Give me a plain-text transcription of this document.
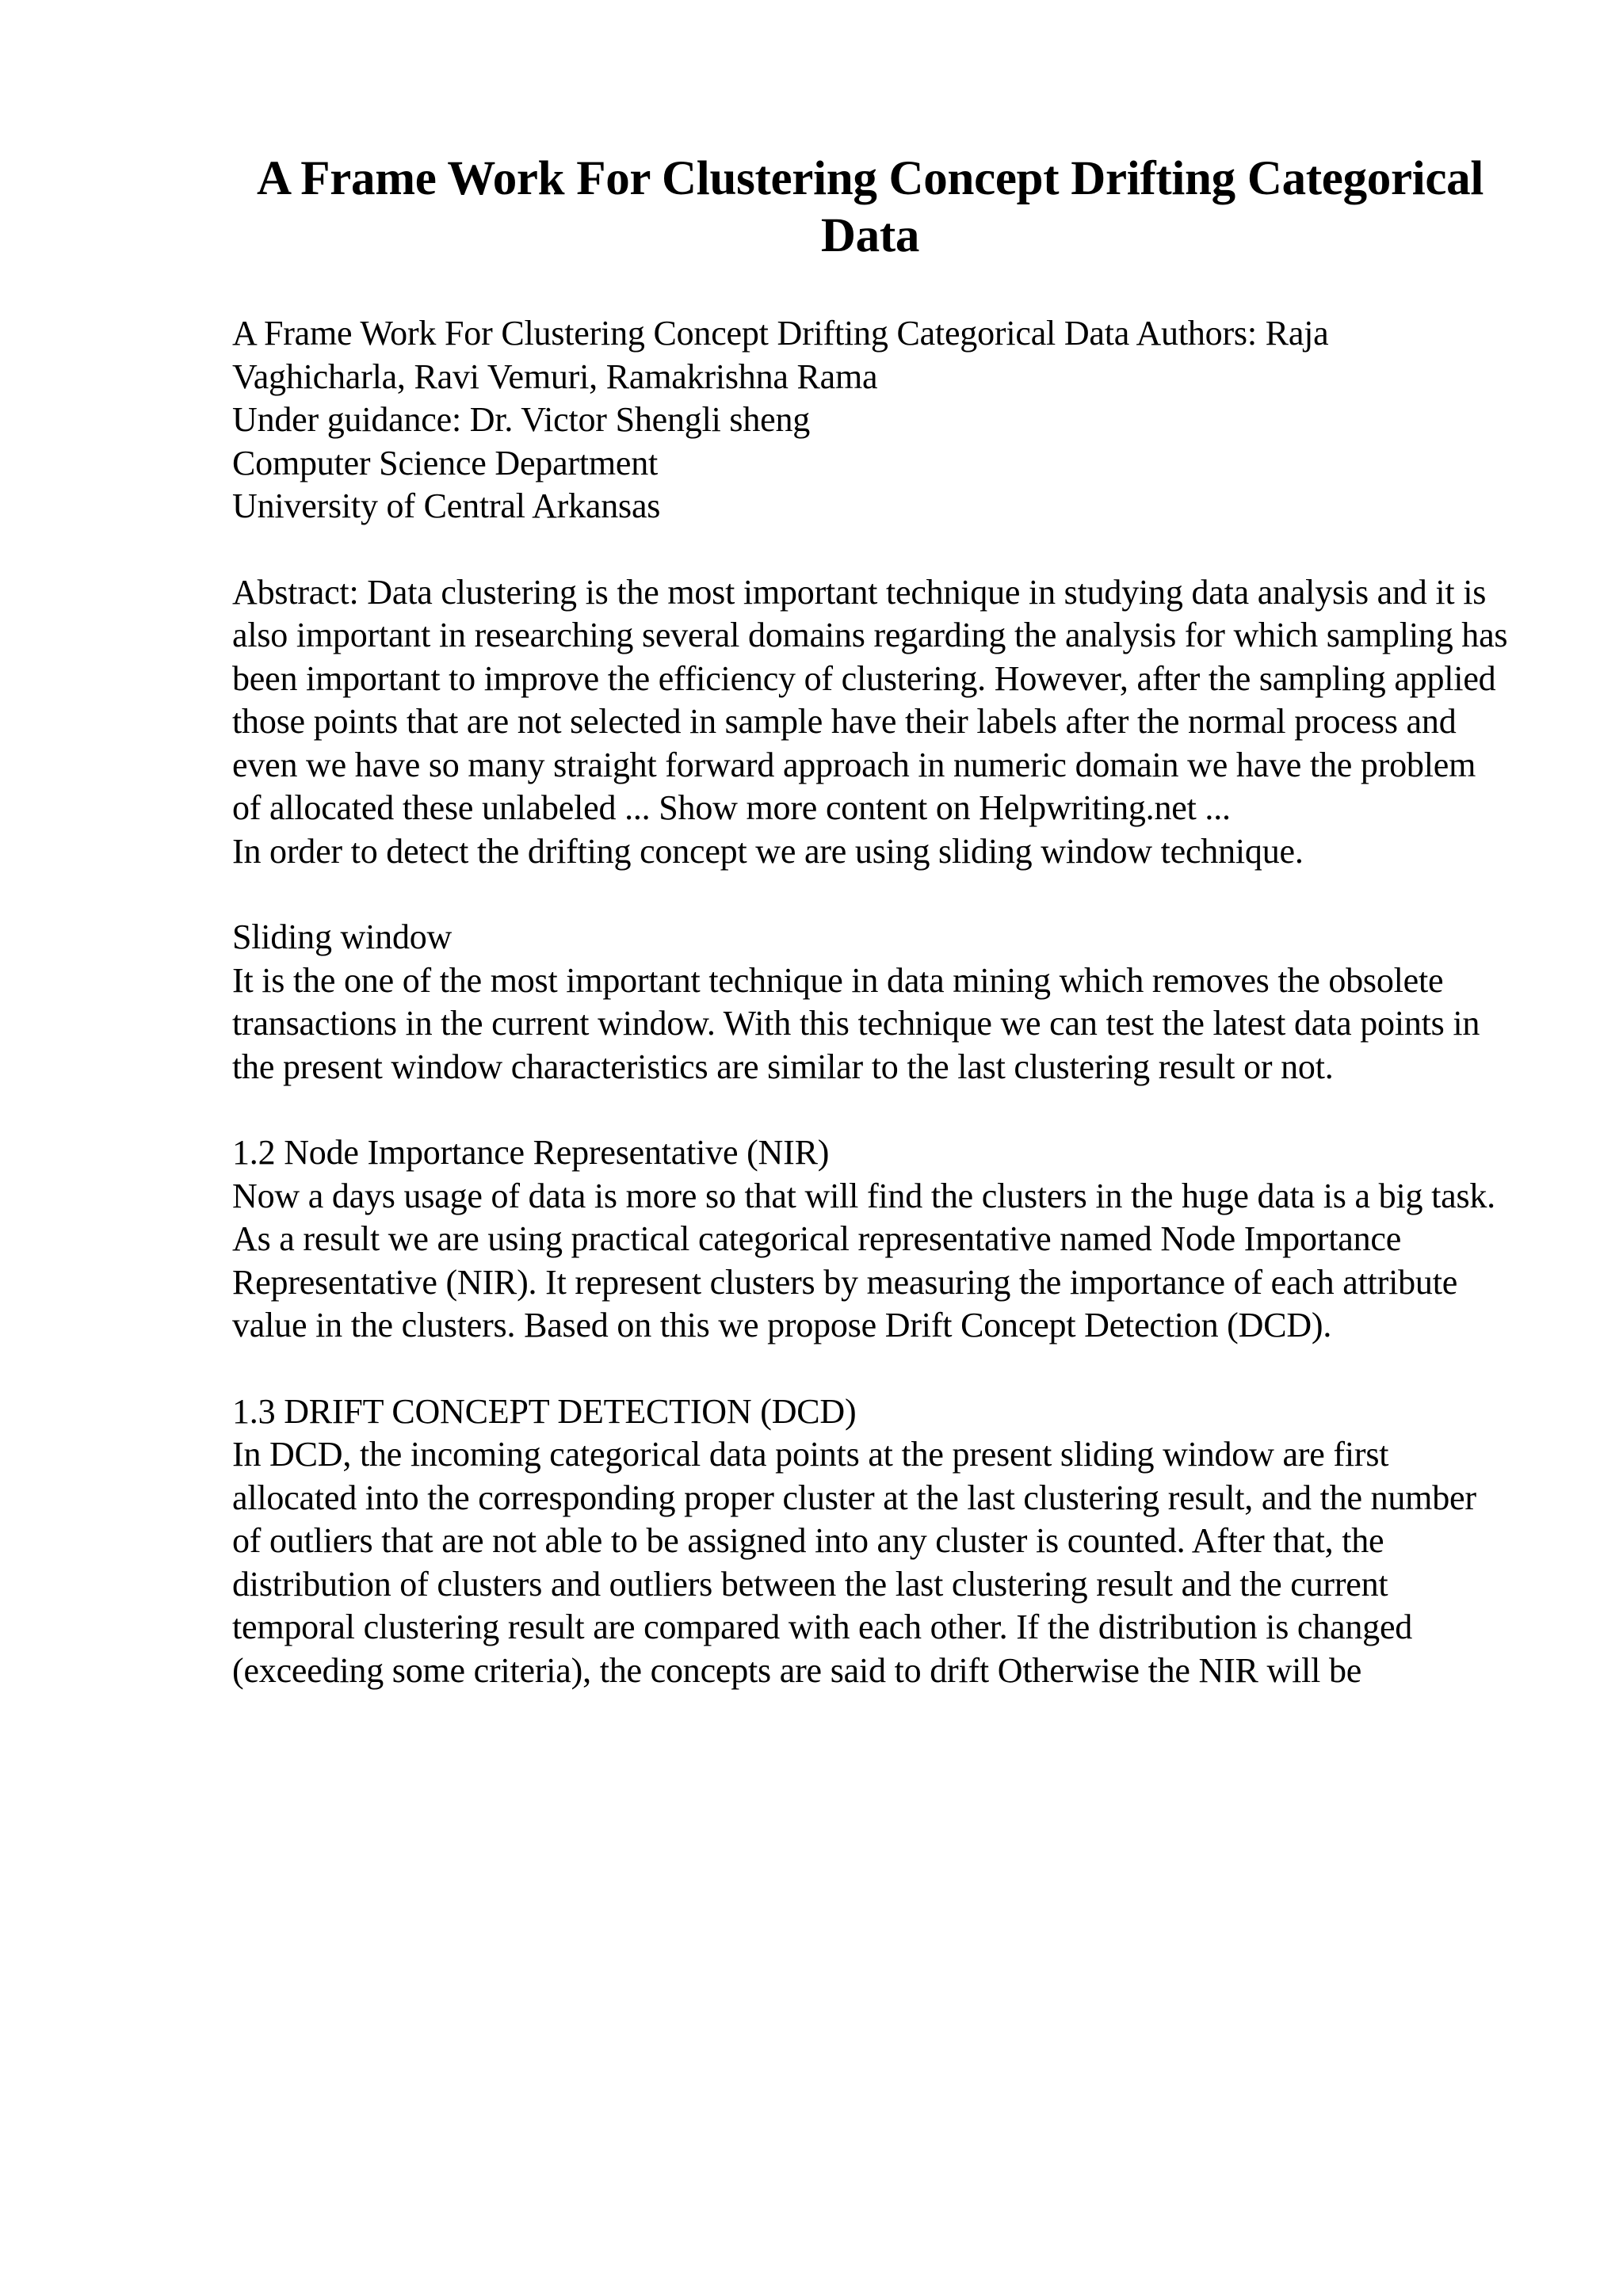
A Frame Work For Clustering Concept Drifting Categorical Data

A Frame Work For Clustering Concept Drifting Categorical Data Authors: Raja Vaghicharla, Ravi Vemuri, Ramakrishna Rama

Under guidance: Dr. Victor Shengli sheng

Computer Science Department

University of Central Arkansas

Abstract: Data clustering is the most important technique in studying data analysis and it is also important in researching several domains regarding the analysis for which sampling has been important to improve the efficiency of clustering. However, after the sampling applied those points that are not selected in sample have their labels after the normal process and even we have so many straight forward approach in numeric domain we have the problem of allocated these unlabeled ... Show more content on Helpwriting.net ...

In order to detect the drifting concept we are using sliding window technique.

Sliding window

It is the one of the most important technique in data mining which removes the obsolete transactions in the current window. With this technique we can test the latest data points in the present window characteristics are similar to the last clustering result or not.

1.2 Node Importance Representative (NIR)

Now a days usage of data is more so that will find the clusters in the huge data is a big task. As a result we are using practical categorical representative named Node Importance Representative (NIR). It represent clusters by measuring the importance of each attribute value in the clusters. Based on this we propose Drift Concept Detection (DCD).

1.3 DRIFT CONCEPT DETECTION (DCD)

In DCD, the incoming categorical data points at the present sliding window are first allocated into the corresponding proper cluster at the last clustering result, and the number of outliers that are not able to be assigned into any cluster is counted. After that, the distribution of clusters and outliers between the last clustering result and the current temporal clustering result are compared with each other. If the distribution is changed (exceeding some criteria), the concepts are said to drift Otherwise the NIR will be
